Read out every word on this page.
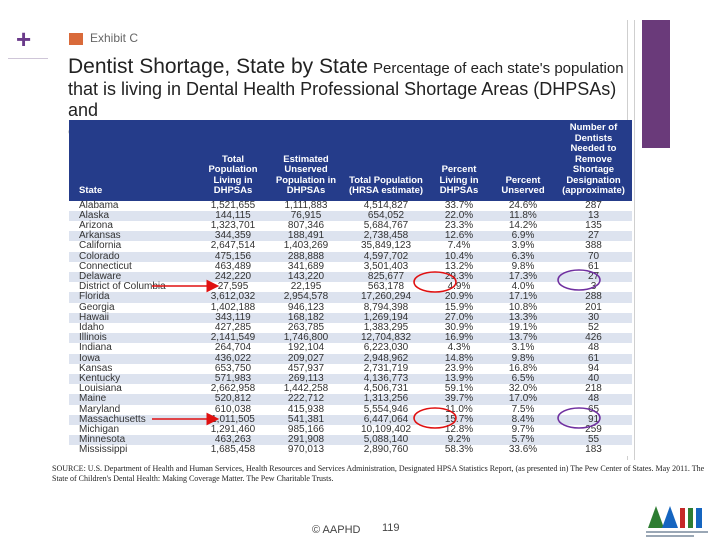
+	Exhibit C
Dentist Shortage, State by State Percentage of each state's population
that is living in Dental Health Professional Shortage Areas (DHPSAs) and
estimated to be unserved (December 2010)
State	Total Population Living in DHPSAs	Estimated Unserved Population in DHPSAs	Total Population (HRSA estimate)	Percent Living in DHPSAs	Percent Unserved	Number of Dentists Needed to Remove Shortage Designation (approximate)
Alabama	1,521,655	1,111,883	4,514,827	33.7%	24.6%	287
Alaska	144,115	76,915	654,052	22.0%	11.8%	13
Arizona	1,323,701	807,346	5,684,767	23.3%	14.2%	135
Arkansas	344,359	188,491	2,738,458	12.6%	6.9%	27
California	2,647,514	1,403,269	35,849,123	7.4%	3.9%	388
Colorado	475,156	288,888	4,597,702	10.4%	6.3%	70
Connecticut	463,489	341,689	3,501,403	13.2%	9.8%	61
Delaware	242,220	143,220	825,677	29.3%	17.3%	27
District of Columbia	27,595	22,195	563,178	4.9%	4.0%	3
Florida	3,612,032	2,954,578	17,260,294	20.9%	17.1%	288
Georgia	1,402,188	946,123	8,794,398	15.9%	10.8%	201
Hawaii	343,119	168,182	1,269,194	27.0%	13.3%	30
Idaho	427,285	263,785	1,383,295	30.9%	19.1%	52
Illinois	2,141,549	1,746,800	12,704,832	16.9%	13.7%	426
Indiana	264,704	192,104	6,223,030	4.3%	3.1%	48
Iowa	436,022	209,027	2,948,962	14.8%	9.8%	61
Kansas	653,750	457,937	2,731,719	23.9%	16.8%	94
Kentucky	571,983	269,113	4,136,773	13.9%	6.5%	40
Louisiana	2,662,958	1,442,258	4,506,731	59.1%	32.0%	218
Maine	520,812	222,712	1,313,256	39.7%	17.0%	48
Maryland	610,038	415,938	5,554,946	11.0%	7.5%	65
Massachusetts	1,011,505	541,381	6,447,064	15.7%	8.4%	91
Michigan	1,291,460	985,166	10,109,402	12.8%	9.7%	259
Minnesota	463,263	291,908	5,088,140	9.2%	5.7%	55
Mississippi	1,685,458	970,013	2,890,760	58.3%	33.6%	183
SOURCE: U.S. Department of Health and Human Services, Health Resources and Services Administration, Designated HPSA Statistics Report, (as presented in) The Pew Center of States. May 2011. The State of Children's Dental Health: Making Coverage Matter. The Pew Charitable Trusts.
© AAPHD 119
